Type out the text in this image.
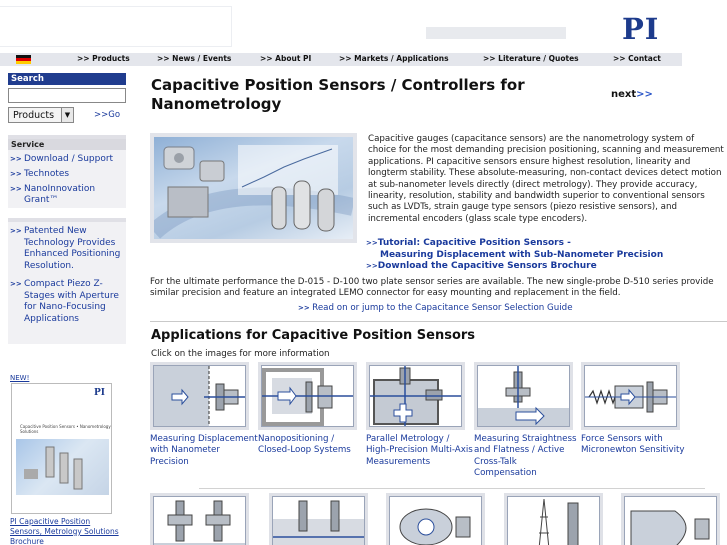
PI
>> Products	>> News / Events	>> About PI	>> Markets / Applications	>> Literature / Quotes	>> Contact
Search
Products	▼	>>Go
Service
>> Download / Support
>> Technotes
>> NanoInnovation Grant™
>> Patented New Technology Provides Enhanced Positioning Resolution.
>> Compact Piezo Z-Stages with Aperture for Nano-Focusing Applications
NEW!
PI
Capacitive Position Sensors • Nanometrology Solutions
PI Capacitive Position Sensors, Metrology Solutions Brochure
Capacitive Position Sensors / Controllers for Nanometrology
next>>

Capacitive gauges (capacitance sensors) are the nanometrology system of choice for the most demanding precision positioning, scanning and measurement applications. PI capacitive sensors ensure highest resolution, linearity and longterm stability. These absolute-measuring, non-contact devices detect motion at sub-nanometer levels directly (direct metrology). They provide accuracy, linearity, resolution, stability and bandwidth superior to conventional sensors such as LVDTs, strain gauge type sensors (piezo resistive sensors), and incremental encoders (glass scale type encoders).

>>Tutorial: Capacitive Position Sensors -
Measuring Displacement with Sub-Nanometer Precision
>>Download the Capacitive Sensors Brochure

For the ultimate performance the D-015 - D-100 two plate sensor series are available. The new single-probe D-510 series provide similar precision and feature an integrated LEMO connector for easy mounting and replacement in the field.

>> Read on or jump to the Capacitance Sensor Selection Guide
Applications for Capacitive Position Sensors
Click on the images for more information
Measuring Displacement with Nanometer Precision
Nanopositioning / Closed-Loop Systems
Parallel Metrology / High-Precision Multi-Axis Measurements
Measuring Straightness and Flatness / Active Cross-Talk Compensation
Force Sensors with Micronewton Sensitivity
